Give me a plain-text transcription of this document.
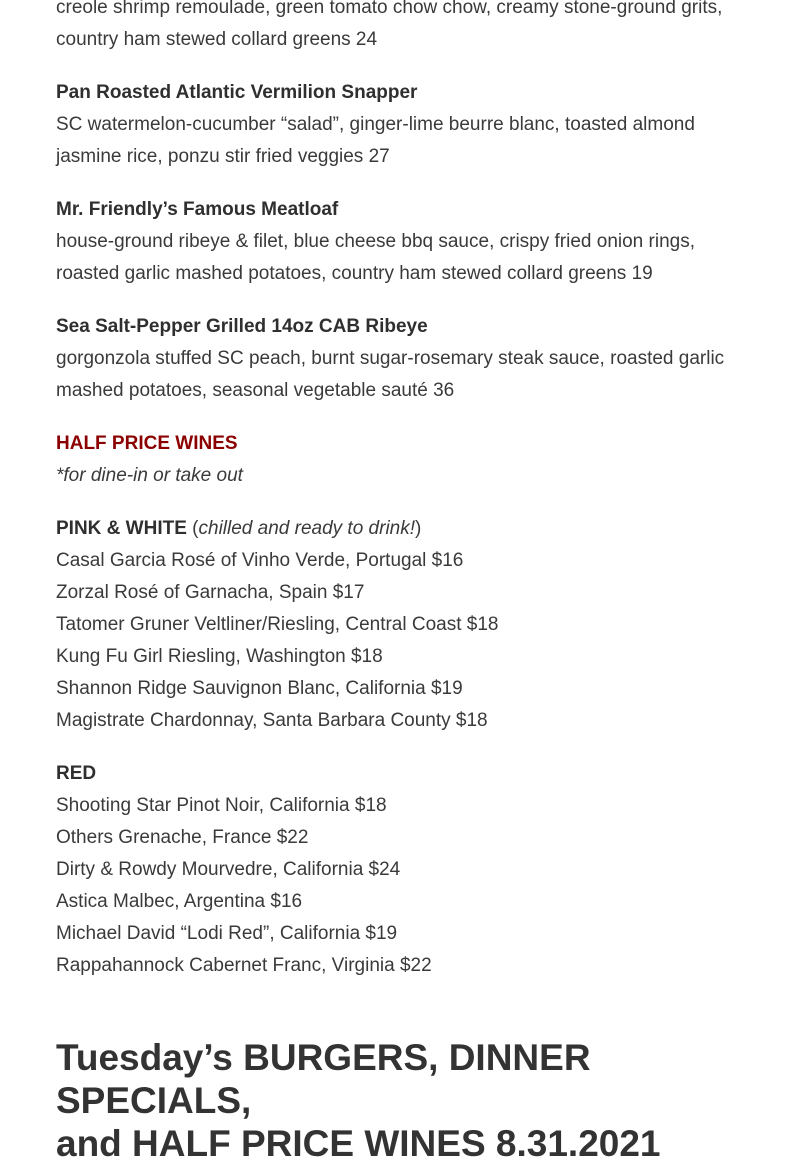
creole shrimp remoulade, green tomato chow chow, creamy stone-ground grits,

country ham stewed collard greens 24

Pan Roasted Atlantic Vermilion Snapper

SC watermelon-cucumber “salad”, ginger-lime beurre blanc, toasted almond

jasmine rice, ponzu stir fried veggies 27

Mr. Friendly’s Famous Meatloaf

house-ground ribeye & filet, blue cheese bbq sauce, crispy fried onion rings,

roasted garlic mashed potatoes, country ham stewed collard greens 19

Sea Salt-Pepper Grilled 14oz CAB Ribeye

gorgonzola stuffed SC peach, burnt sugar-rosemary steak sauce, roasted garlic

mashed potatoes, seasonal vegetable sauté 36

HALF PRICE WINES

*for dine-in or take out

PINK & WHITE (chilled and ready to drink!)

Casal Garcia Rosé of Vinho Verde, Portugal $16

Zorzal Rosé of Garnacha, Spain $17

Tatomer Gruner Veltliner/Riesling, Central Coast $18

Kung Fu Girl Riesling, Washington $18

Shannon Ridge Sauvignon Blanc, California $19

Magistrate Chardonnay, Santa Barbara County $18

RED

Shooting Star Pinot Noir, California $18

Others Grenache, France $22

Dirty & Rowdy Mourvedre, California $24

Astica Malbec, Argentina $16

Michael David “Lodi Red”, California $19

Rappahannock Cabernet Franc, Virginia $22

Tuesday’s BURGERS, DINNER SPECIALS,
and HALF PRICE WINES 8.31.2021
